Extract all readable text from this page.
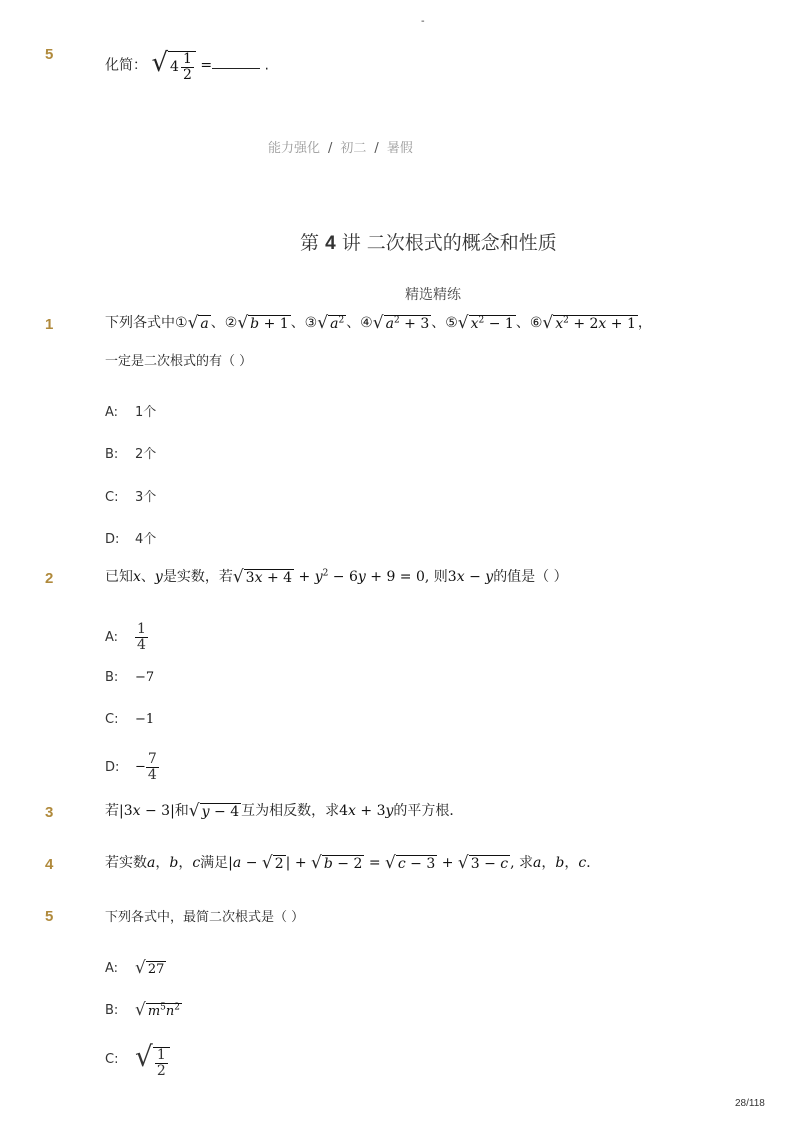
-
5
化简： √ $4 \frac{1}{2}$ =	.
能力强化 / 初二 / 暑假
第 4 讲 二次根式的概念和性质
精选精练
1	下列各式中①√ a 、②√ b + 1 、③√ $a^2$ 、④√ $a^2 + 3$ 、⑤√ $x^2 - 1$ 、⑥√ $x^2 + 2x + 1$ ，
一定是二次根式的有（ ）
A: 1个
B: 2个
C: 3个
D: 4个
2	已知x、y是实数，若√ $3x + 4 + y^2 - 6y + 9 = 0$, 则3x − y的值是（ ）
A: $\frac{1}{4}$
B: −7
C: −1
D: − $\frac{7}{4}$
3	若|3x − 3|和√ y − 4 互为相反数，求4x + 3y的平方根．
4	若实数a，b，c满足|a − √ 2 | + √ b − 2 = √ c − 3 + √ 3 − c , 求a，b，c．
5	下列各式中，最简二次根式是（ ）
A: √ 27
B: √ $m^5n^2$
C: √ $\frac{1}{2}$
28/118
